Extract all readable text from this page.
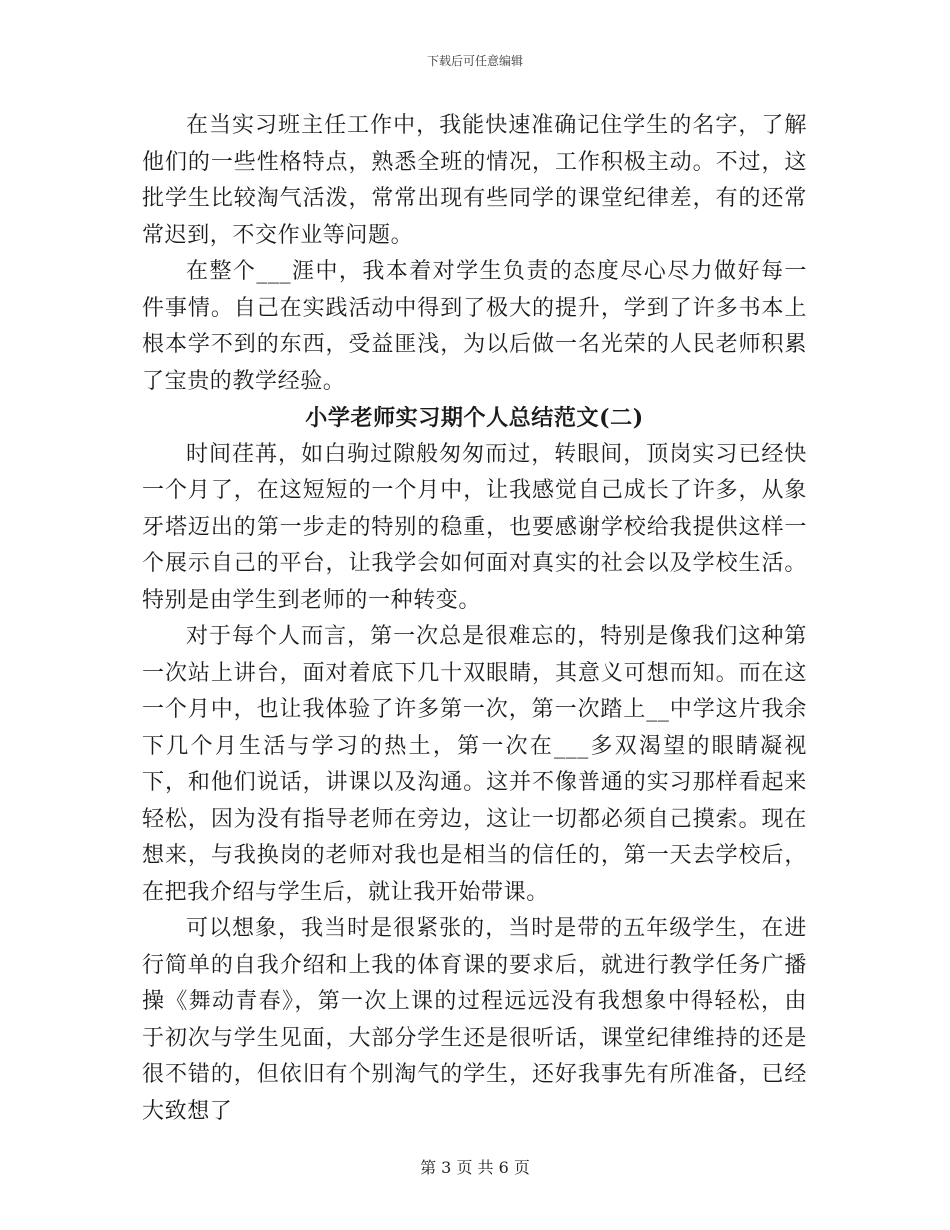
下载后可任意编辑

在当实习班主任工作中，我能快速准确记住学生的名字，了解他们的一些性格特点，熟悉全班的情况，工作积极主动。不过，这批学生比较淘气活泼，常常出现有些同学的课堂纪律差，有的还常常迟到，不交作业等问题。

在整个___涯中，我本着对学生负责的态度尽心尽力做好每一件事情。自己在实践活动中得到了极大的提升，学到了许多书本上根本学不到的东西，受益匪浅，为以后做一名光荣的人民老师积累了宝贵的教学经验。

小学老师实习期个人总结范文(二)

时间荏苒，如白驹过隙般匆匆而过，转眼间，顶岗实习已经快一个月了，在这短短的一个月中，让我感觉自己成长了许多，从象牙塔迈出的第一步走的特别的稳重，也要感谢学校给我提供这样一个展示自己的平台，让我学会如何面对真实的社会以及学校生活。特别是由学生到老师的一种转变。

对于每个人而言，第一次总是很难忘的，特别是像我们这种第一次站上讲台，面对着底下几十双眼睛，其意义可想而知。而在这一个月中，也让我体验了许多第一次，第一次踏上__中学这片我余下几个月生活与学习的热土，第一次在___多双渴望的眼睛凝视下，和他们说话，讲课以及沟通。这并不像普通的实习那样看起来轻松，因为没有指导老师在旁边，这让一切都必须自己摸索。现在想来，与我换岗的老师对我也是相当的信任的，第一天去学校后，在把我介绍与学生后，就让我开始带课。

可以想象，我当时是很紧张的，当时是带的五年级学生，在进行简单的自我介绍和上我的体育课的要求后，就进行教学任务广播操《舞动青春》，第一次上课的过程远远没有我想象中得轻松，由于初次与学生见面，大部分学生还是很听话，课堂纪律维持的还是很不错的，但依旧有个别淘气的学生，还好我事先有所准备，已经大致想了

第 3 页 共 6 页
